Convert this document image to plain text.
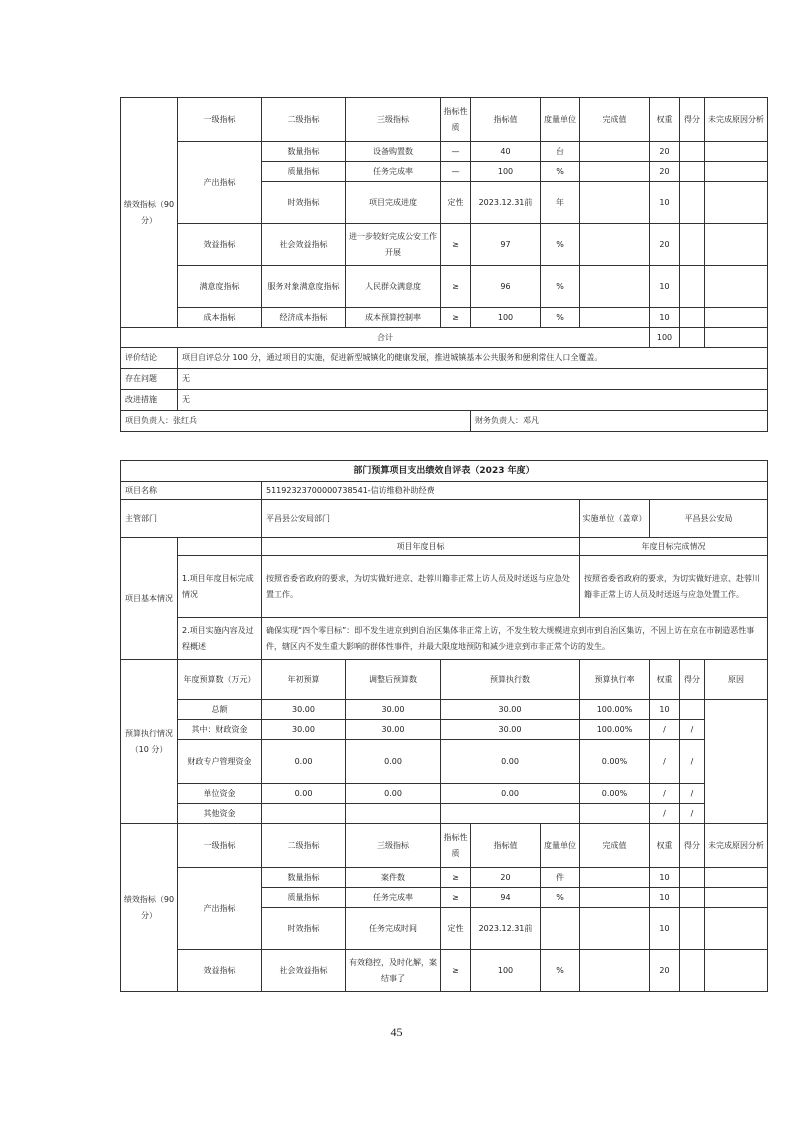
绩效指标（90 分）	一级指标	二级指标	三级指标	指标性质	指标值	度量单位	完成值	权重	得分	未完成原因分析
	产出指标	数量指标	设备购置数	—	40	台		20		
		质量指标	任务完成率	—	100	%		20		
		时效指标	项目完成进度	定性	2023.12.31前	年		10		
	效益指标	社会效益指标	进一步较好完成公安工作开展	≥	97	%		20		
	满意度指标	服务对象满意度指标	人民群众满意度	≥	96	%		10		
	成本指标	经济成本指标	成本预算控制率	≥	100	%		10		
合计								100		
评价结论	项目自评总分 100 分，通过项目的实施，促进新型城镇化的健康发展，推进城镇基本公共服务和便利常住人口全覆盖。									
存在问题	无									
改进措施	无									
项目负责人：张红兵					财务负责人：邓凡					
部门预算项目支出绩效自评表（2023 年度）										
项目名称		51192323700000738541-信访维稳补助经费								
主管部门		平昌县公安局部门					实施单位（盖章）	平昌县公安局		
项目基本情况		项目年度目标					年度目标完成情况			
	1.项目年度目标完成情况	按照省委省政府的要求，为切实做好进京、赴蓉川籍非正常上访人员及时送返与应急处置工作。					按照省委省政府的要求，为切实做好进京、赴蓉川籍非正常上访人员及时送返与应急处置工作。			
	2.项目实施内容及过程概述	确保实现“四个零目标”：即不发生进京到到自治区集体非正常上访，不发生较大规模进京到市到自治区集访，不因上访在京在市制造恶性事件，辖区内不发生重大影响的群体性事件，并最大限度地预防和减少进京到市非正常个访的发生。								
预算执行情况（10 分）	年度预算数（万元）	年初预算	调整后预算数	预算执行数			预算执行率	权重	得分	原因
	总额	30.00	30.00	30.00			100.00%	10		
	其中：财政资金	30.00	30.00	30.00			100.00%	/	/	
	财政专户管理资金	0.00	0.00	0.00			0.00%	/	/	
	单位资金	0.00	0.00	0.00			0.00%	/	/	
	其他资金							/	/	
绩效指标（90 分）	一级指标	二级指标	三级指标	指标性质	指标值	度量单位	完成值	权重	得分	未完成原因分析
	产出指标	数量指标	案件数	≥	20	件		10		
		质量指标	任务完成率	≥	94	%		10		
		时效指标	任务完成时间	定性	2023.12.31前			10		
	效益指标	社会效益指标	有效稳控，及时化解，案结事了	≥	100	%		20		
45
